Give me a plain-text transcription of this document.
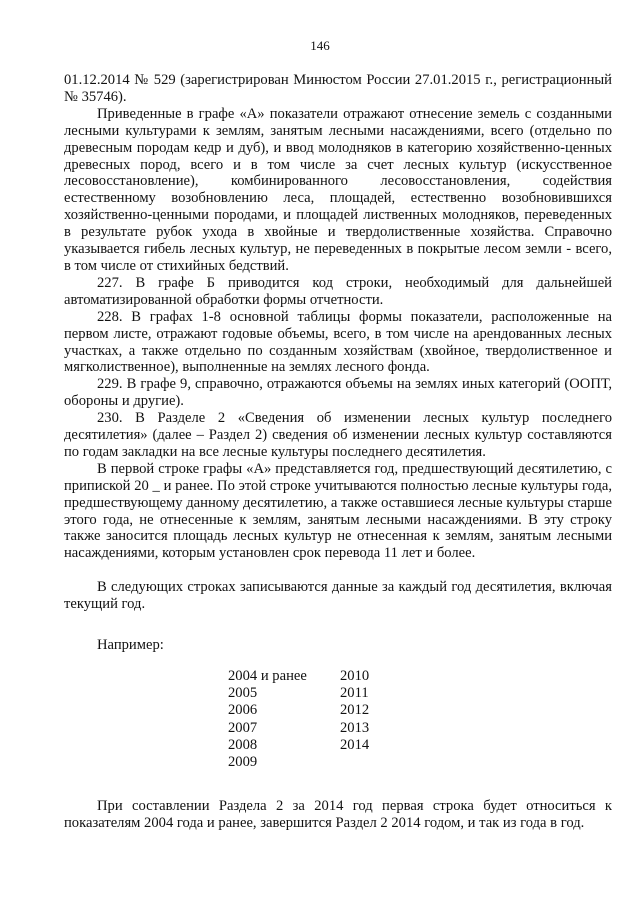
146

01.12.2014 № 529 (зарегистрирован Минюстом России 27.01.2015 г., регистрационный № 35746).

Приведенные в графе «А» показатели отражают отнесение земель с созданными лесными культурами к землям, занятым лесными насаждениями, всего (отдельно по древесным породам кедр и дуб), и ввод молодняков в категорию хозяйственно-ценных древесных пород, всего и в том числе за счет лесных культур (искусственное лесовосстановление), комбинированного лесовосстановления, содействия естественному возобновлению леса, площадей, естественно возобновившихся хозяйственно-ценными породами, и площадей лиственных молодняков, переведенных в результате рубок ухода в хвойные и твердолиственные хозяйства. Справочно указывается гибель лесных культур, не переведенных в покрытые лесом земли - всего, в том числе от стихийных бедствий.

227. В графе Б приводится код строки, необходимый для дальнейшей автоматизированной обработки формы отчетности.

228. В графах 1-8 основной таблицы формы показатели, расположенные на первом листе, отражают годовые объемы, всего, в том числе на арендованных лесных участках, а также отдельно по созданным хозяйствам (хвойное, твердолиственное и мягколиственное), выполненные на землях лесного фонда.

229. В графе 9, справочно, отражаются объемы на землях иных категорий (ООПТ, обороны и другие).

230. В Разделе 2 «Сведения об изменении лесных культур последнего десятилетия» (далее – Раздел 2) сведения об изменении лесных культур составляются по годам закладки на все лесные культуры последнего десятилетия.

В первой строке графы «А» представляется год, предшествующий десятилетию, с припиской 20 _ и ранее. По этой строке учитываются полностью лесные культуры года, предшествующему данному десятилетию, а также оставшиеся лесные культуры старше этого года, не отнесенные к землям, занятым лесными насаждениями. В эту строку также заносится площадь лесных культур не отнесенная к землям, занятым лесными насаждениями, которым установлен срок перевода 11 лет и более.

В следующих строках записываются данные за каждый год десятилетия, включая текущий год.

Например:

2004 и ранее
2005
2006
2007
2008
2009
2010
2011
2012
2013
2014

При составлении Раздела 2 за 2014 год первая строка будет относиться к показателям 2004 года и ранее, завершится Раздел 2 2014 годом, и так из года в год.
